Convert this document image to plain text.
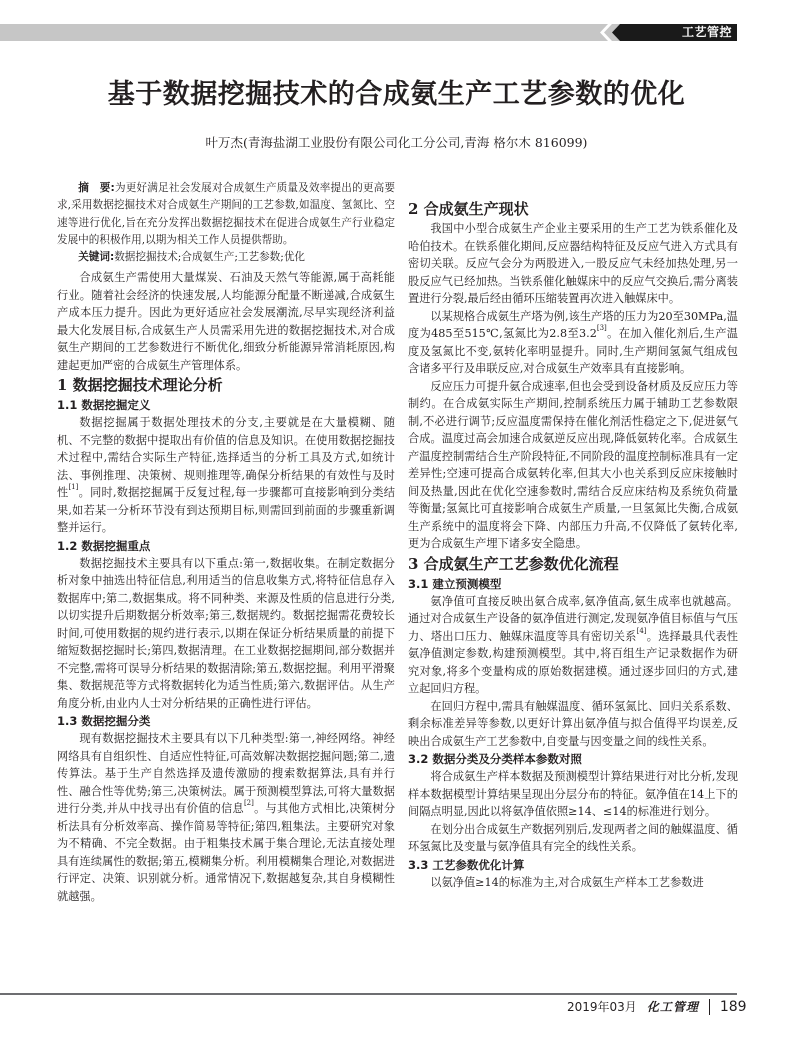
工艺管控
基于数据挖掘技术的合成氨生产工艺参数的优化
叶万杰(青海盐湖工业股份有限公司化工分公司,青海 格尔木 816099)

摘　要:为更好满足社会发展对合成氨生产质量及效率提出的更高要求,采用数据挖掘技术对合成氨生产期间的工艺参数,如温度、氢氮比、空速等进行优化,旨在充分发挥出数据挖掘技术在促进合成氨生产行业稳定发展中的积极作用,以期为相关工作人员提供帮助。

关键词:数据挖掘技术;合成氨生产;工艺参数;优化

合成氨生产需使用大量煤炭、石油及天然气等能源,属于高耗能行业。随着社会经济的快速发展,人均能源分配量不断递减,合成氨生产成本压力提升。因此为更好适应社会发展潮流,尽早实现经济利益最大化发展目标,合成氨生产人员需采用先进的数据挖掘技术,对合成氨生产期间的工艺参数进行不断优化,细致分析能源异常消耗原因,构建起更加严密的合成氨生产管理体系。

1 数据挖掘技术理论分析
1.1 数据挖掘定义

数据挖掘属于数据处理技术的分支,主要就是在大量模糊、随机、不完整的数据中提取出有价值的信息及知识。在使用数据挖掘技术过程中,需结合实际生产特征,选择适当的分析工具及方式,如统计法、事例推理、决策树、规则推理等,确保分析结果的有效性与及时性[1]。同时,数据挖掘属于反复过程,每一步骤都可直接影响到分类结果,如若某一分析环节没有到达预期目标,则需回到前面的步骤重新调整并运行。

1.2 数据挖掘重点

数据挖掘技术主要具有以下重点:第一,数据收集。在制定数据分析对象中抽选出特征信息,利用适当的信息收集方式,将特征信息存入数据库中;第二,数据集成。将不同种类、来源及性质的信息进行分类,以切实提升后期数据分析效率;第三,数据规约。数据挖掘需花费较长时间,可使用数据的规约进行表示,以期在保证分析结果质量的前提下缩短数据挖掘时长;第四,数据清理。在工业数据挖掘期间,部分数据并不完整,需将可误导分析结果的数据清除;第五,数据挖掘。利用平滑聚集、数据规范等方式将数据转化为适当性质;第六,数据评估。从生产角度分析,由业内人士对分析结果的正确性进行评估。

1.3 数据挖掘分类

现有数据挖掘技术主要具有以下几种类型:第一,神经网络。神经网络具有自组织性、自适应性特征,可高效解决数据挖掘问题;第二,遗传算法。基于生产自然选择及遗传激励的搜索数据算法,具有并行性、融合性等优势;第三,决策树法。属于预测模型算法,可将大量数据进行分类,并从中找寻出有价值的信息[2]。与其他方式相比,决策树分析法具有分析效率高、操作简易等特征;第四,粗集法。主要研究对象为不精确、不完全数据。由于粗集技术属于集合理论,无法直接处理具有连续属性的数据;第五,模糊集分析。利用模糊集合理论,对数据进行评定、决策、识别就分析。通常情况下,数据越复杂,其自身模糊性就越强。

2 合成氨生产现状

我国中小型合成氨生产企业主要采用的生产工艺为铁系催化及哈伯技术。在铁系催化期间,反应器结构特征及反应气进入方式具有密切关联。反应气会分为两股进入,一股反应气未经加热处理,另一股反应气已经加热。当铁系催化触媒床中的反应气交换后,需分离装置进行分裂,最后经由循环压缩装置再次进入触媒床中。

以某规格合成氨生产塔为例,该生产塔的压力为20至30MPa,温度为485至515℃,氢氮比为2.8至3.2[3]。在加入催化剂后,生产温度及氢氮比不变,氨转化率明显提升。同时,生产期间氢氮气组成包含诸多平行及串联反应,对合成氨生产效率具有直接影响。

反应压力可提升氨合成速率,但也会受到设备材质及反应压力等制约。在合成氨实际生产期间,控制系统压力属于辅助工艺参数限制,不必进行调节;反应温度需保持在催化剂活性稳定之下,促进氨气合成。温度过高会加速合成氨逆反应出现,降低氨转化率。合成氨生产温度控制需结合生产阶段特征,不同阶段的温度控制标准具有一定差异性;空速可提高合成氨转化率,但其大小也关系到反应床接触时间及热量,因此在优化空速参数时,需结合反应床结构及系统负荷量等衡量;氢氮比可直接影响合成氨生产质量,一旦氢氮比失衡,合成氨生产系统中的温度将会下降、内部压力升高,不仅降低了氨转化率,更为合成氨生产埋下诸多安全隐患。

3 合成氨生产工艺参数优化流程
3.1 建立预测模型

氨净值可直接反映出氨合成率,氨净值高,氨生成率也就越高。通过对合成氨生产设备的氨净值进行测定,发现氨净值目标值与气压力、塔出口压力、触媒床温度等具有密切关系[4]。选择最具代表性氨净值测定参数,构建预测模型。其中,将百组生产记录数据作为研究对象,将多个变量构成的原始数据建模。通过逐步回归的方式,建立起回归方程。

在回归方程中,需具有触媒温度、循环氢氮比、回归关系系数、剩余标准差异等参数,以更好计算出氨净值与拟合值得平均误差,反映出合成氨生产工艺参数中,自变量与因变量之间的线性关系。

3.2 数据分类及分类样本参数对照

将合成氨生产样本数据及预测模型计算结果进行对比分析,发现样本数据模型计算结果呈现出分层分布的特征。氨净值在14上下的间隔点明显,因此以将氨净值依照≥14、≤14的标准进行划分。

在划分出合成氨生产数据列别后,发现两者之间的触媒温度、循环氢氮比及变量与氨净值具有完全的线性关系。

3.3 工艺参数优化计算

以氨净值≥14的标准为主,对合成氨生产样本工艺参数进

2019年03月 化工管理 189
